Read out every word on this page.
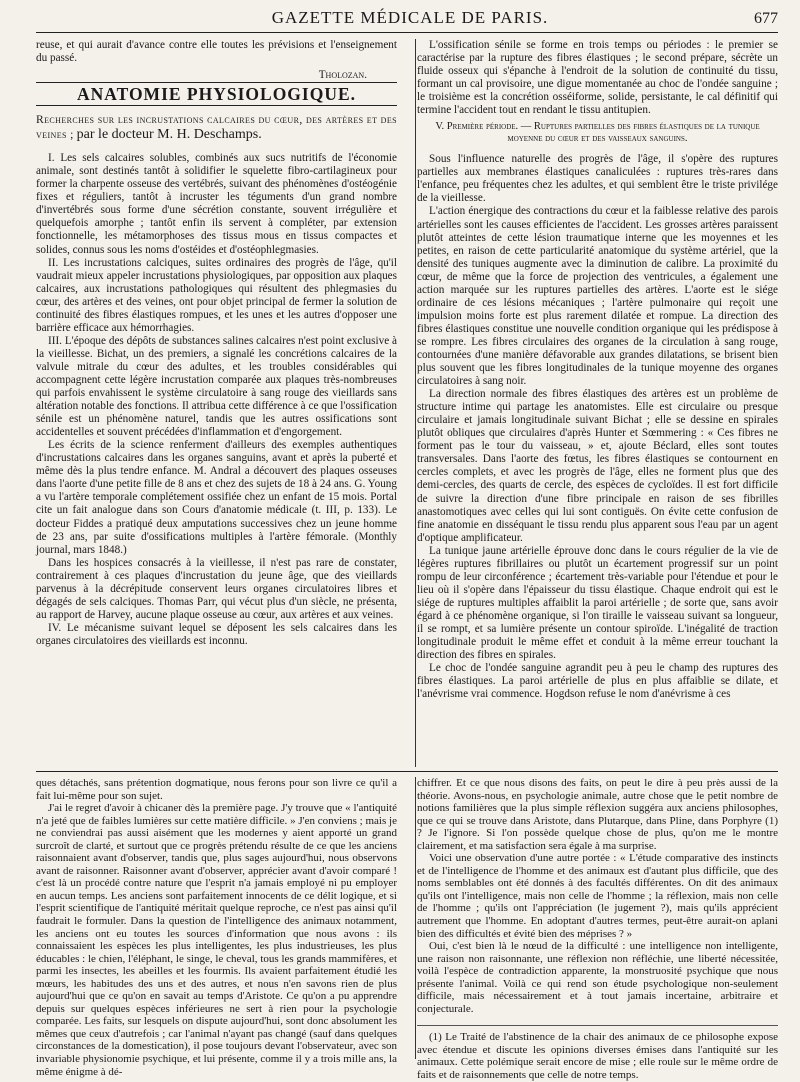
GAZETTE MÉDICALE DE PARIS.	677

reuse, et qui aurait d'avance contre elle toutes les prévisions et l'enseignement du passé.

Tholozan.

ANATOMIE PHYSIOLOGIQUE.

Recherches sur les incrustations calcaires du cœur, des artères et des veines ; par le docteur M. H. Deschamps.

I. Les sels calcaires solubles, combinés aux sucs nutritifs de l'économie animale, sont destinés tantôt à solidifier le squelette fibro-cartilagineux pour former la charpente osseuse des vertébrés, suivant des phénomènes d'ostéogénie fixes et réguliers, tantôt à incruster les téguments d'un grand nombre d'invertébrés sous forme d'une sécrétion constante, souvent irrégulière et quelquefois amorphe ; tantôt enfin ils servent à compléter, par extension fonctionnelle, les métamorphoses des tissus mous en tissus compactes et solides, connus sous les noms d'ostéides et d'ostéophlegmasies.

II. Les incrustations calciques, suites ordinaires des progrès de l'âge, qu'il vaudrait mieux appeler incrustations physiologiques, par opposition aux plaques calcaires, aux incrustations pathologiques qui résultent des phlegmasies du cœur, des artères et des veines, ont pour objet principal de fermer la solution de continuité des fibres élastiques rompues, et les unes et les autres d'opposer une barrière efficace aux hémorrhagies.

III. L'époque des dépôts de substances salines calcaires n'est point exclusive à la vieillesse. Bichat, un des premiers, a signalé les concrétions calcaires de la valvule mitrale du cœur des adultes, et les troubles considérables qui accompagnent cette légère incrustation comparée aux plaques très-nombreuses qui parfois envahissent le système circulatoire à sang rouge des vieillards sans altération notable des fonctions. Il attribua cette différence à ce que l'ossification sénile est un phénomène naturel, tandis que les autres ossifications sont accidentelles et souvent précédées d'inflammation et d'engorgement.

Les écrits de la science renferment d'ailleurs des exemples authentiques d'incrustations calcaires dans les organes sanguins, avant et après la puberté et même dès la plus tendre enfance. M. Andral a découvert des plaques osseuses dans l'aorte d'une petite fille de 8 ans et chez des sujets de 18 à 24 ans. G. Young a vu l'artère temporale complétement ossifiée chez un enfant de 15 mois. Portal cite un fait analogue dans son Cours d'anatomie médicale (t. III, p. 133). Le docteur Fiddes a pratiqué deux amputations successives chez un jeune homme de 23 ans, par suite d'ossifications multiples à l'artère fémorale. (Monthly journal, mars 1848.)

Dans les hospices consacrés à la vieillesse, il n'est pas rare de constater, contrairement à ces plaques d'incrustation du jeune âge, que des vieillards parvenus à la décrépitude conservent leurs organes circulatoires libres et dégagés de sels calciques. Thomas Parr, qui vécut plus d'un siècle, ne présenta, au rapport de Harvey, aucune plaque osseuse au cœur, aux artères et aux veines.

IV. Le mécanisme suivant lequel se déposent les sels calcaires dans les organes circulatoires des vieillards est inconnu.

L'ossification sénile se forme en trois temps ou périodes : le premier se caractérise par la rupture des fibres élastiques ; le second prépare, sécrète un fluide osseux qui s'épanche à l'endroit de la solution de continuité du tissu, formant un cal provisoire, une digue momentanée au choc de l'ondée sanguine ; le troisième est la concrétion osséiforme, solide, persistante, le cal définitif qui termine l'accident tout en rendant le tissu antitupien.

V. Première période. — Ruptures partielles des fibres élastiques de la tunique moyenne du cœur et des vaisseaux sanguins.

Sous l'influence naturelle des progrès de l'âge, il s'opère des ruptures partielles aux membranes élastiques canaliculées : ruptures très-rares dans l'enfance, peu fréquentes chez les adultes, et qui semblent être le triste privilége de la vieillesse.

L'action énergique des contractions du cœur et la faiblesse relative des parois artérielles sont les causes efficientes de l'accident. Les grosses artères paraissent plutôt atteintes de cette lésion traumatique interne que les moyennes et les petites, en raison de cette particularité anatomique du système artériel, que la densité des tuniques augmente avec la diminution de calibre. La proximité du cœur, de même que la force de projection des ventricules, a également une action marquée sur les ruptures partielles des artères. L'aorte est le siége ordinaire de ces lésions mécaniques ; l'artère pulmonaire qui reçoit une impulsion moins forte est plus rarement dilatée et rompue. La direction des fibres élastiques constitue une nouvelle condition organique qui les prédispose à se rompre. Les fibres circulaires des organes de la circulation à sang rouge, contournées d'une manière défavorable aux grandes dilatations, se brisent bien plus souvent que les fibres longitudinales de la tunique moyenne des organes circulatoires à sang noir.

La direction normale des fibres élastiques des artères est un problème de structure intime qui partage les anatomistes. Elle est circulaire ou presque circulaire et jamais longitudinale suivant Bichat ; elle se dessine en spirales plutôt obliques que circulaires d'après Hunter et Sœmmering : « Ces fibres ne forment pas le tour du vaisseau, » et, ajoute Béclard, elles sont toutes transversales. Dans l'aorte des fœtus, les fibres élastiques se contournent en cercles complets, et avec les progrès de l'âge, elles ne forment plus que des demi-cercles, des quarts de cercle, des espèces de cycloïdes. Il est fort difficile de suivre la direction d'une fibre principale en raison de ses fibrilles anastomotiques avec celles qui lui sont contiguës. On évite cette confusion de fine anatomie en disséquant le tissu rendu plus apparent sous l'eau par un agent d'optique amplificateur.

La tunique jaune artérielle éprouve donc dans le cours régulier de la vie de légères ruptures fibrillaires ou plutôt un écartement progressif sur un point rompu de leur circonférence ; écartement très-variable pour l'étendue et pour le lieu où il s'opère dans l'épaisseur du tissu élastique. Chaque endroit qui est le siége de ruptures multiples affaiblit la paroi artérielle ; de sorte que, sans avoir égard à ce phénomène organique, si l'on tiraille le vaisseau suivant sa longueur, il se rompt, et sa lumière présente un contour spiroïde. L'inégalité de traction longitudinale produit le même effet et conduit à la même erreur touchant la direction des fibres en spirales.

Le choc de l'ondée sanguine agrandit peu à peu le champ des ruptures des fibres élastiques. La paroi artérielle de plus en plus affaiblie se dilate, et l'anévrisme vrai commence. Hogdson refuse le nom d'anévrisme à ces

ques détachés, sans prétention dogmatique, nous ferons pour son livre ce qu'il a fait lui-même pour son sujet.

J'ai le regret d'avoir à chicaner dès la première page. J'y trouve que « l'antiquité n'a jeté que de faibles lumières sur cette matière difficile. » J'en conviens ; mais je ne conviendrai pas aussi aisément que les modernes y aient apporté un grand surcroît de clarté, et surtout que ce progrès prétendu résulte de ce que les anciens raisonnaient avant d'observer, tandis que, plus sages aujourd'hui, nous observons avant de raisonner. Raisonner avant d'observer, apprécier avant d'avoir comparé ! c'est là un procédé contre nature que l'esprit n'a jamais employé ni pu employer en aucun temps. Les anciens sont parfaitement innocents de ce délit logique, et si l'esprit scientifique de l'antiquité méritait quelque reproche, ce n'est pas ainsi qu'il faudrait le formuler. Dans la question de l'intelligence des animaux notamment, les anciens ont eu toutes les sources d'information que nous avons : ils connaissaient les espèces les plus intelligentes, les plus industrieuses, les plus éducables : le chien, l'éléphant, le singe, le cheval, tous les grands mammifères, et parmi les insectes, les abeilles et les fourmis. Ils avaient parfaitement étudié les mœurs, les habitudes des uns et des autres, et nous n'en savons rien de plus aujourd'hui que ce qu'on en savait au temps d'Aristote. Ce qu'on a pu apprendre depuis sur quelques espèces inférieures ne sert à rien pour la psychologie comparée. Les faits, sur lesquels on dispute aujourd'hui, sont donc absolument les mêmes que ceux d'autrefois ; car l'animal n'ayant pas changé (sauf dans quelques circonstances de la domestication), il pose toujours devant l'observateur, avec son invariable physionomie psychique, et lui présente, comme il y a trois mille ans, la même énigme à dé-

chiffrer. Et ce que nous disons des faits, on peut le dire à peu près aussi de la théorie. Avons-nous, en psychologie animale, autre chose que le petit nombre de notions familières que la plus simple réflexion suggéra aux anciens philosophes, que ce qui se trouve dans Aristote, dans Plutarque, dans Pline, dans Porphyre (1) ? Je l'ignore. Si l'on possède quelque chose de plus, qu'on me le montre clairement, et ma satisfaction sera égale à ma surprise.

Voici une observation d'une autre portée : « L'étude comparative des instincts et de l'intelligence de l'homme et des animaux est d'autant plus difficile, que des noms semblables ont été donnés à des facultés différentes. On dit des animaux qu'ils ont l'intelligence, mais non celle de l'homme ; la réflexion, mais non celle de l'homme ; qu'ils ont l'appréciation (le jugement ?), mais qu'ils apprécient autrement que l'homme. En adoptant d'autres termes, peut-être aurait-on aplani bien des difficultés et évité bien des méprises ? »

Oui, c'est bien là le nœud de la difficulté : une intelligence non intelligente, une raison non raisonnante, une réflexion non réfléchie, une liberté nécessitée, voilà l'espèce de contradiction apparente, la monstruosité psychique que nous présente l'animal. Voilà ce qui rend son étude psychologique non-seulement difficile, mais nécessairement et à tout jamais incertaine, arbitraire et conjecturale.

(1) Le Traité de l'abstinence de la chair des animaux de ce philosophe expose avec étendue et discute les opinions diverses émises dans l'antiquité sur les animaux. Cette polémique serait encore de mise ; elle roule sur le même ordre de faits et de raisonnements que celle de notre temps.
